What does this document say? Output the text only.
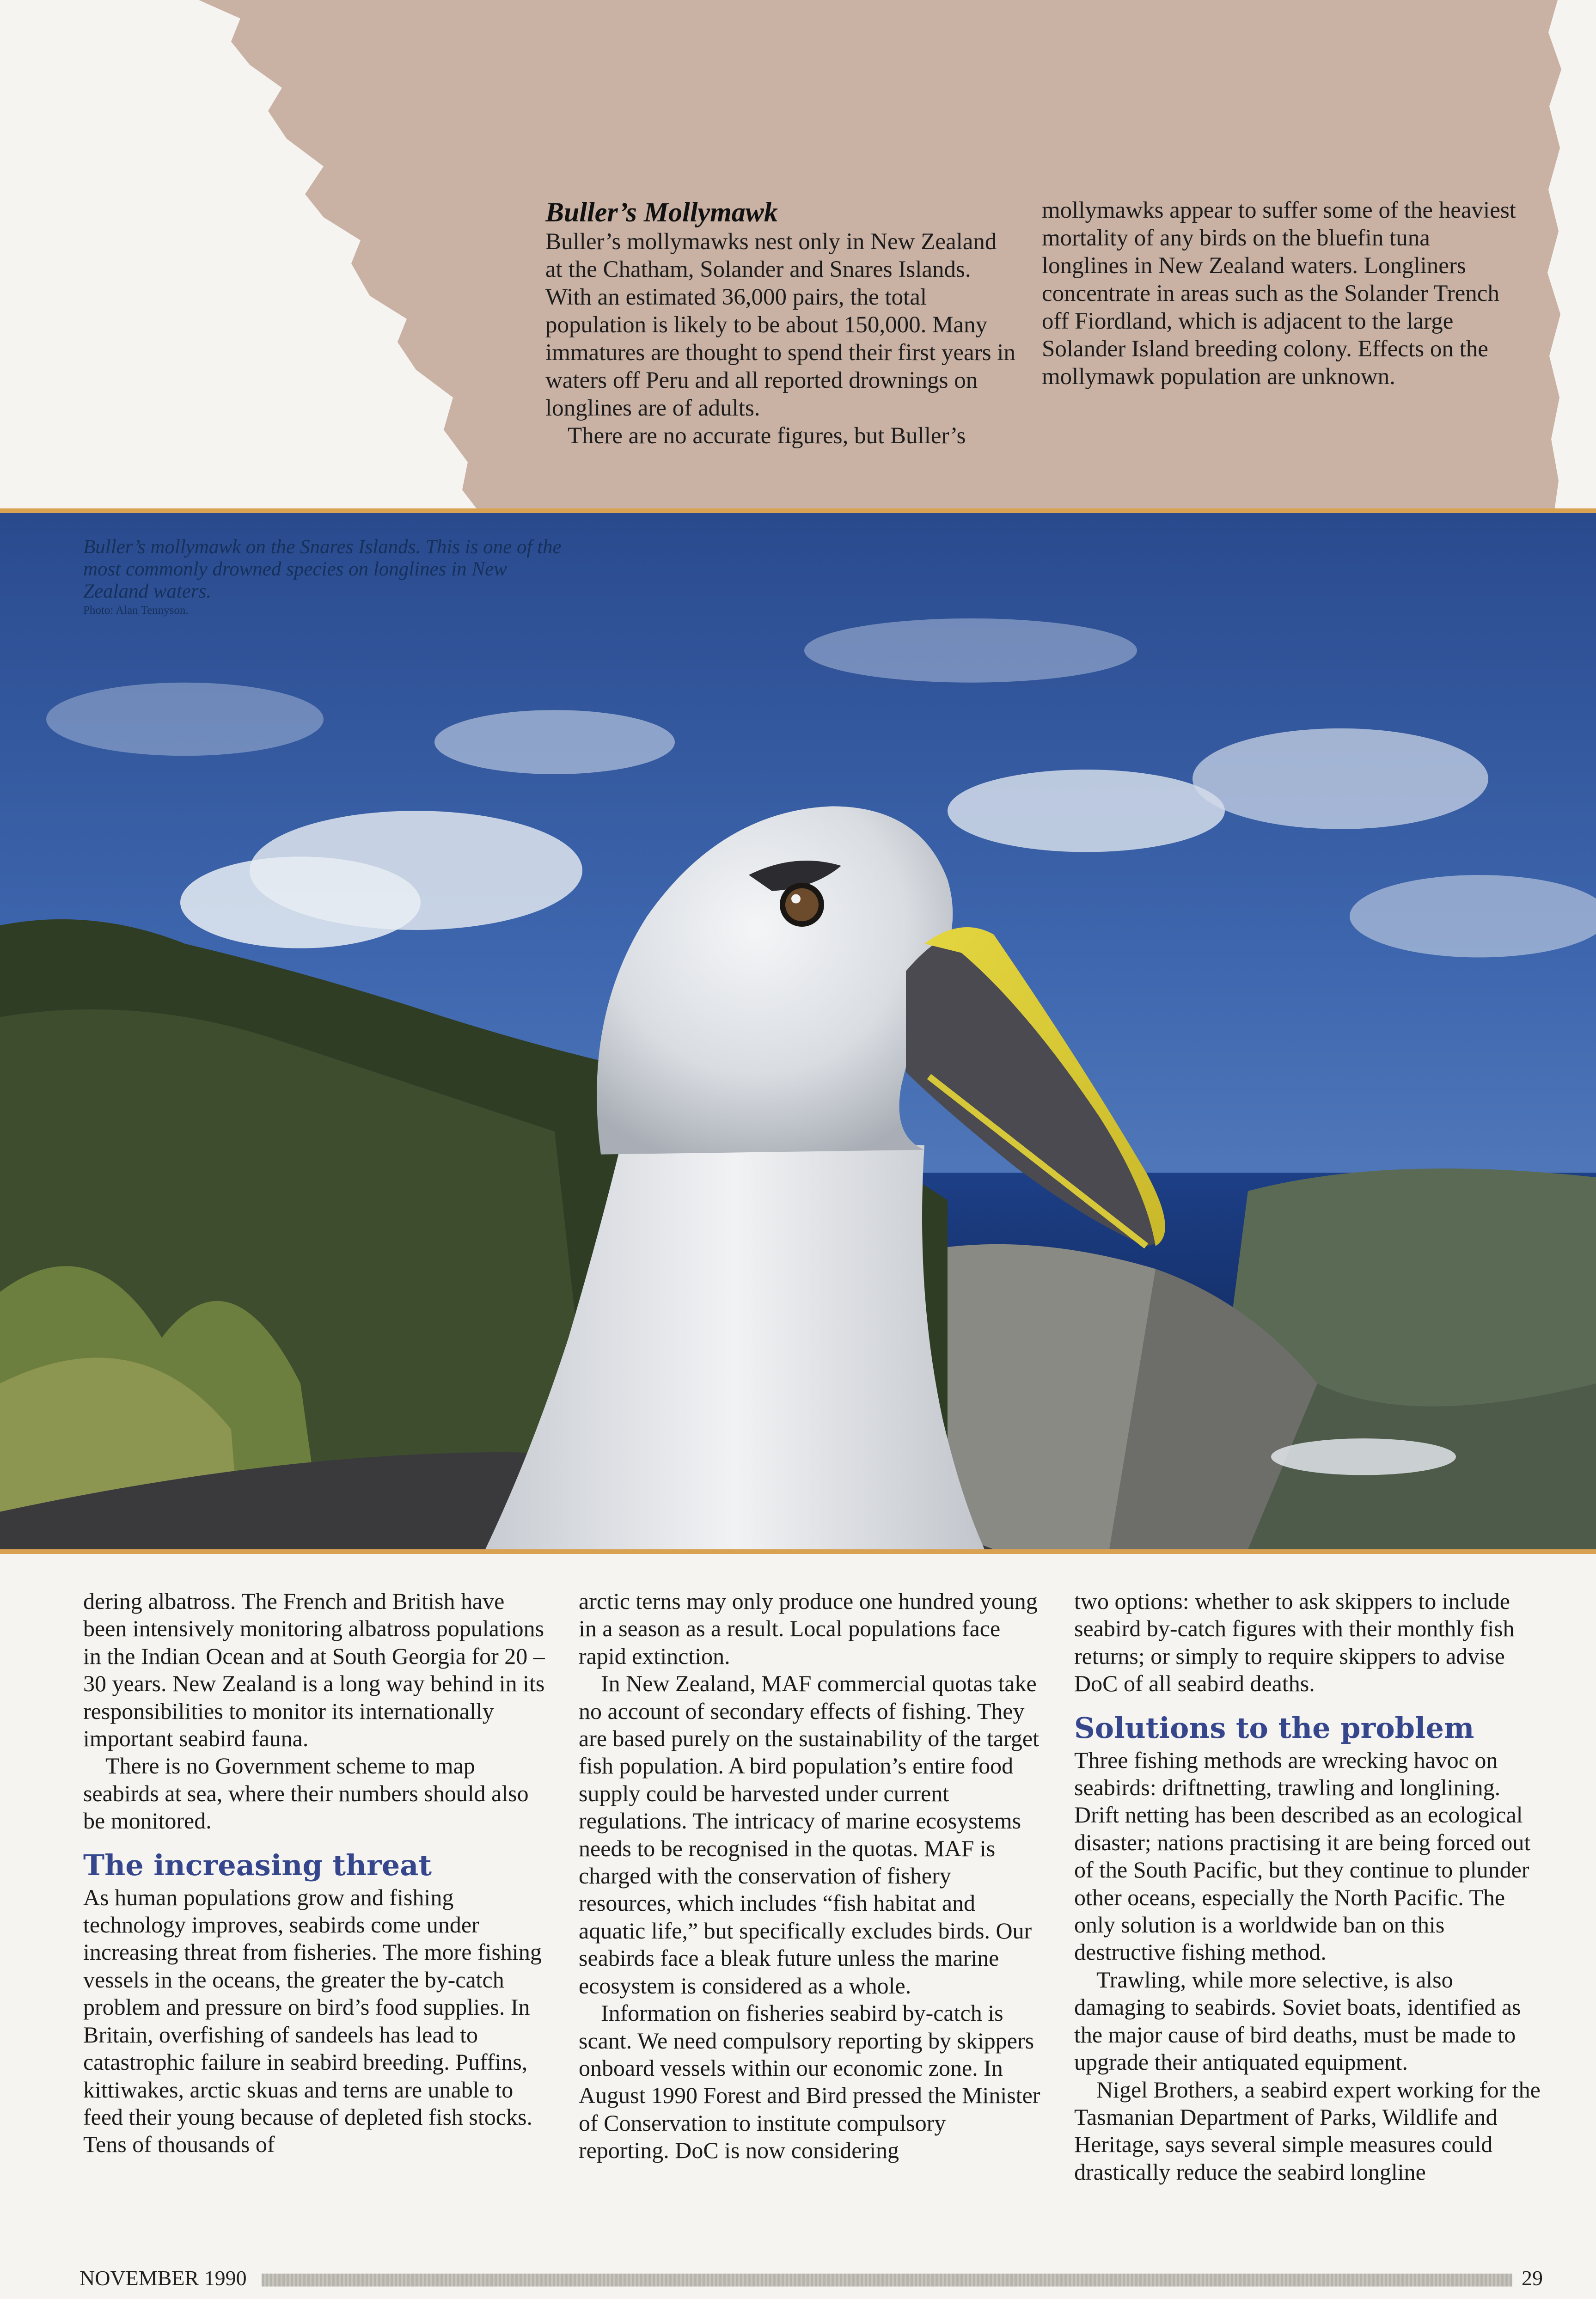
Buller’s Mollymawk

Buller’s mollymawks nest only in New Zealand at the Chatham, Solander and Snares Islands. With an estimated 36,000 pairs, the total population is likely to be about 150,000. Many immatures are thought to spend their first years in waters off Peru and all reported drownings on longlines are of adults.

There are no accurate figures, but Buller’s

mollymawks appear to suffer some of the heaviest mortality of any birds on the bluefin tuna longlines in New Zealand waters. Longliners concentrate in areas such as the Solander Trench off Fiordland, which is adjacent to the large Solander Island breeding colony. Effects on the mollymawk population are unknown.

Buller’s mollymawk on the Snares Islands. This is one of the most commonly drowned species on longlines in New Zealand waters.

Photo: Alan Tennyson.

dering albatross. The French and British have been intensively monitoring albatross populations in the Indian Ocean and at South Georgia for 20 – 30 years. New Zealand is a long way behind in its responsibilities to monitor its internationally important seabird fauna.

There is no Government scheme to map seabirds at sea, where their numbers should also be monitored.

The increasing threat

As human populations grow and fishing technology improves, seabirds come under increasing threat from fisheries. The more fishing vessels in the oceans, the greater the by-catch problem and pressure on bird’s food supplies. In Britain, overfishing of sandeels has lead to catastrophic failure in seabird breeding. Puffins, kittiwakes, arctic skuas and terns are unable to feed their young because of depleted fish stocks. Tens of thousands of

arctic terns may only produce one hundred young in a season as a result. Local populations face rapid extinction.

In New Zealand, MAF commercial quotas take no account of secondary effects of fishing. They are based purely on the sustainability of the target fish population. A bird population’s entire food supply could be harvested under current regulations. The intricacy of marine ecosystems needs to be recognised in the quotas. MAF is charged with the conservation of fishery resources, which includes “fish habitat and aquatic life,” but specifically excludes birds. Our seabirds face a bleak future unless the marine ecosystem is considered as a whole.

Information on fisheries seabird by-catch is scant. We need compulsory reporting by skippers onboard vessels within our economic zone. In August 1990 Forest and Bird pressed the Minister of Conservation to institute compulsory reporting. DoC is now considering

two options: whether to ask skippers to include seabird by-catch figures with their monthly fish returns; or simply to require skippers to advise DoC of all seabird deaths.

Solutions to the problem

Three fishing methods are wrecking havoc on seabirds: driftnetting, trawling and longlining. Drift netting has been described as an ecological disaster; nations practising it are being forced out of the South Pacific, but they continue to plunder other oceans, especially the North Pacific. The only solution is a worldwide ban on this destructive fishing method.

Trawling, while more selective, is also damaging to seabirds. Soviet boats, identified as the major cause of bird deaths, must be made to upgrade their antiquated equipment.

Nigel Brothers, a seabird expert working for the Tasmanian Department of Parks, Wildlife and Heritage, says several simple measures could drastically reduce the seabird longline

NOVEMBER 1990	29
